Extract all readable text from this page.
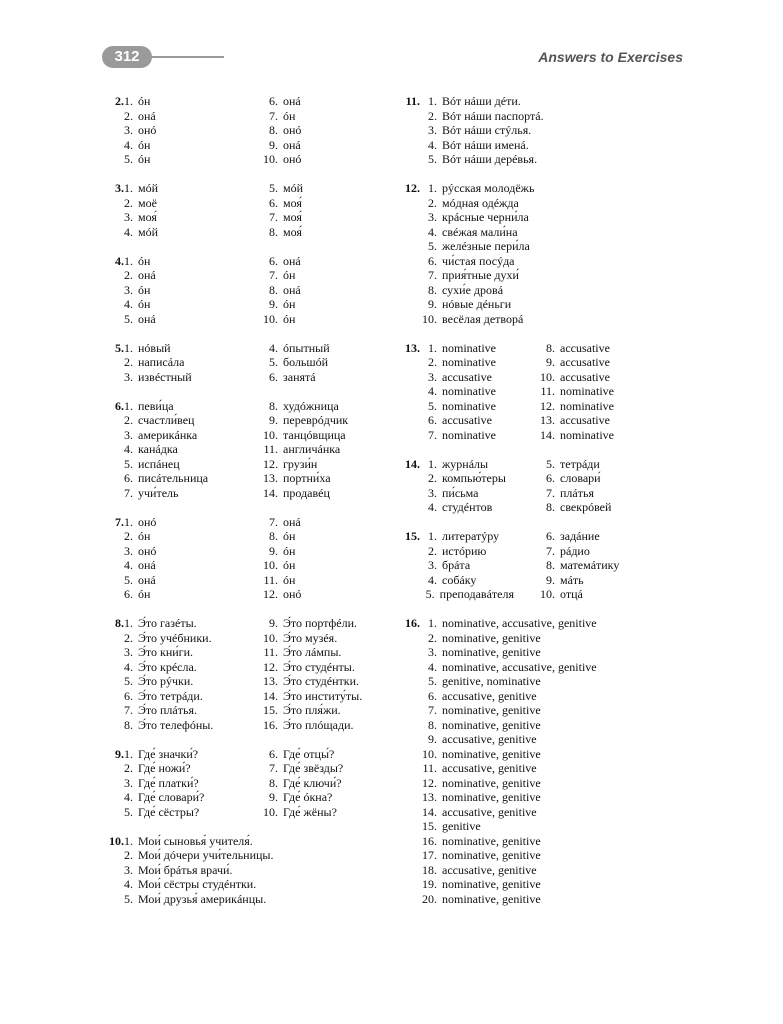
312	Answers to Exercises
2. 1. óн
2. онá
3. онó
4. óн
5. óн
6. онá
7. óн
8. онó
9. онá
10. онó
3. 1. мóй
2. моё
3. моя́
4. мóй
5. мóй
6. моя́
7. моя́
8. моя́
4. 1. óн
2. онá
3. óн
4. óн
5. онá
6. онá
7. óн
8. онá
9. óн
10. óн
5. 1. нóвый
2. написáла
3. извéстный
4. óпытный
5. большóй
6. занятá
6. 1. певи́ца
2. счастли́вец
3. америкáнка
4. канáдка
5. испáнец
6. писáтельница
7. учи́тель
8. худóжница
9. переврóдчик
10. танцóвщица
11. англичáнка
12. грузи́н
13. портни́ха
14. продавéц
7. 1. онó
2. óн
3. онó
4. онá
5. онá
6. óн
7. онá
8. óн
9. óн
10. óн
11. óн
12. онó
8. 1. Э́то газéты.
2. Э́то учéбники.
3. Э́то кни́ги.
4. Э́то крéсла.
5. Э́то рýчки.
6. Э́то тетрáди.
7. Э́то плáтья.
8. Э́то телефóны.
9. Э́то портфéли.
10. Э́то музéя.
11. Э́то лáмпы.
12. Э́то студéнты.
13. Э́то студéнтки.
14. Э́то институ́ты.
15. Э́то пля́жи.
16. Э́то плóщади.
9. 1. Где́ значки́?
2. Где́ ножи́?
3. Где́ платки́?
4. Где́ словари́?
5. Где́ сёстры?
6. Где́ отцы́?
7. Где́ звёзды?
8. Где́ ключи́?
9. Где́ óкна?
10. Где́ жёны?
10. 1. Мои́ сыновья́ учителя́.
2. Мои́ дóчери учи́тельницы.
3. Мои́ брáтья врачи́.
4. Мои́ сёстры студéнтки.
5. Мои́ друзья́ америкáнцы.
11. 1. Вóт нáши дéти.
2. Вóт нáши паспортá.
3. Вóт нáши стýлья.
4. Вóт нáши именá.
5. Вóт нáши дерéвья.
12. 1. рýсская молодёжь
2. мóдная одéжда
3. крáсные черни́ла
4. свéжая мали́на
5. желéзные пери́ла
6. чи́стая посýда
7. прия́тные духи́
8. сухи́е дровá
9. нóвые дéньги
10. весёлая детворá
13. 1. nominative
2. nominative
3. accusative
4. nominative
5. nominative
6. accusative
7. nominative
8. accusative
9. accusative
10. accusative
11. nominative
12. nominative
13. accusative
14. nominative
14. 1. журнáлы
2. компью́теры
3. пи́сьма
4. студéнтов
5. тетрáди
6. словари́
7. плáтья
8. свекрóвей
15. 1. литератýру
2. истóрию
3. брáта
4. собáку
5. преподавáтеля
6. задáние
7. рáдио
8. матемáтику
9. мáть
10. отцá
16. 1. nominative, accusative, genitive
2. nominative, genitive
3. nominative, genitive
4. nominative, accusative, genitive
5. genitive, nominative
6. accusative, genitive
7. nominative, genitive
8. nominative, genitive
9. accusative, genitive
10. nominative, genitive
11. accusative, genitive
12. nominative, genitive
13. nominative, genitive
14. accusative, genitive
15. genitive
16. nominative, genitive
17. nominative, genitive
18. accusative, genitive
19. nominative, genitive
20. nominative, genitive
